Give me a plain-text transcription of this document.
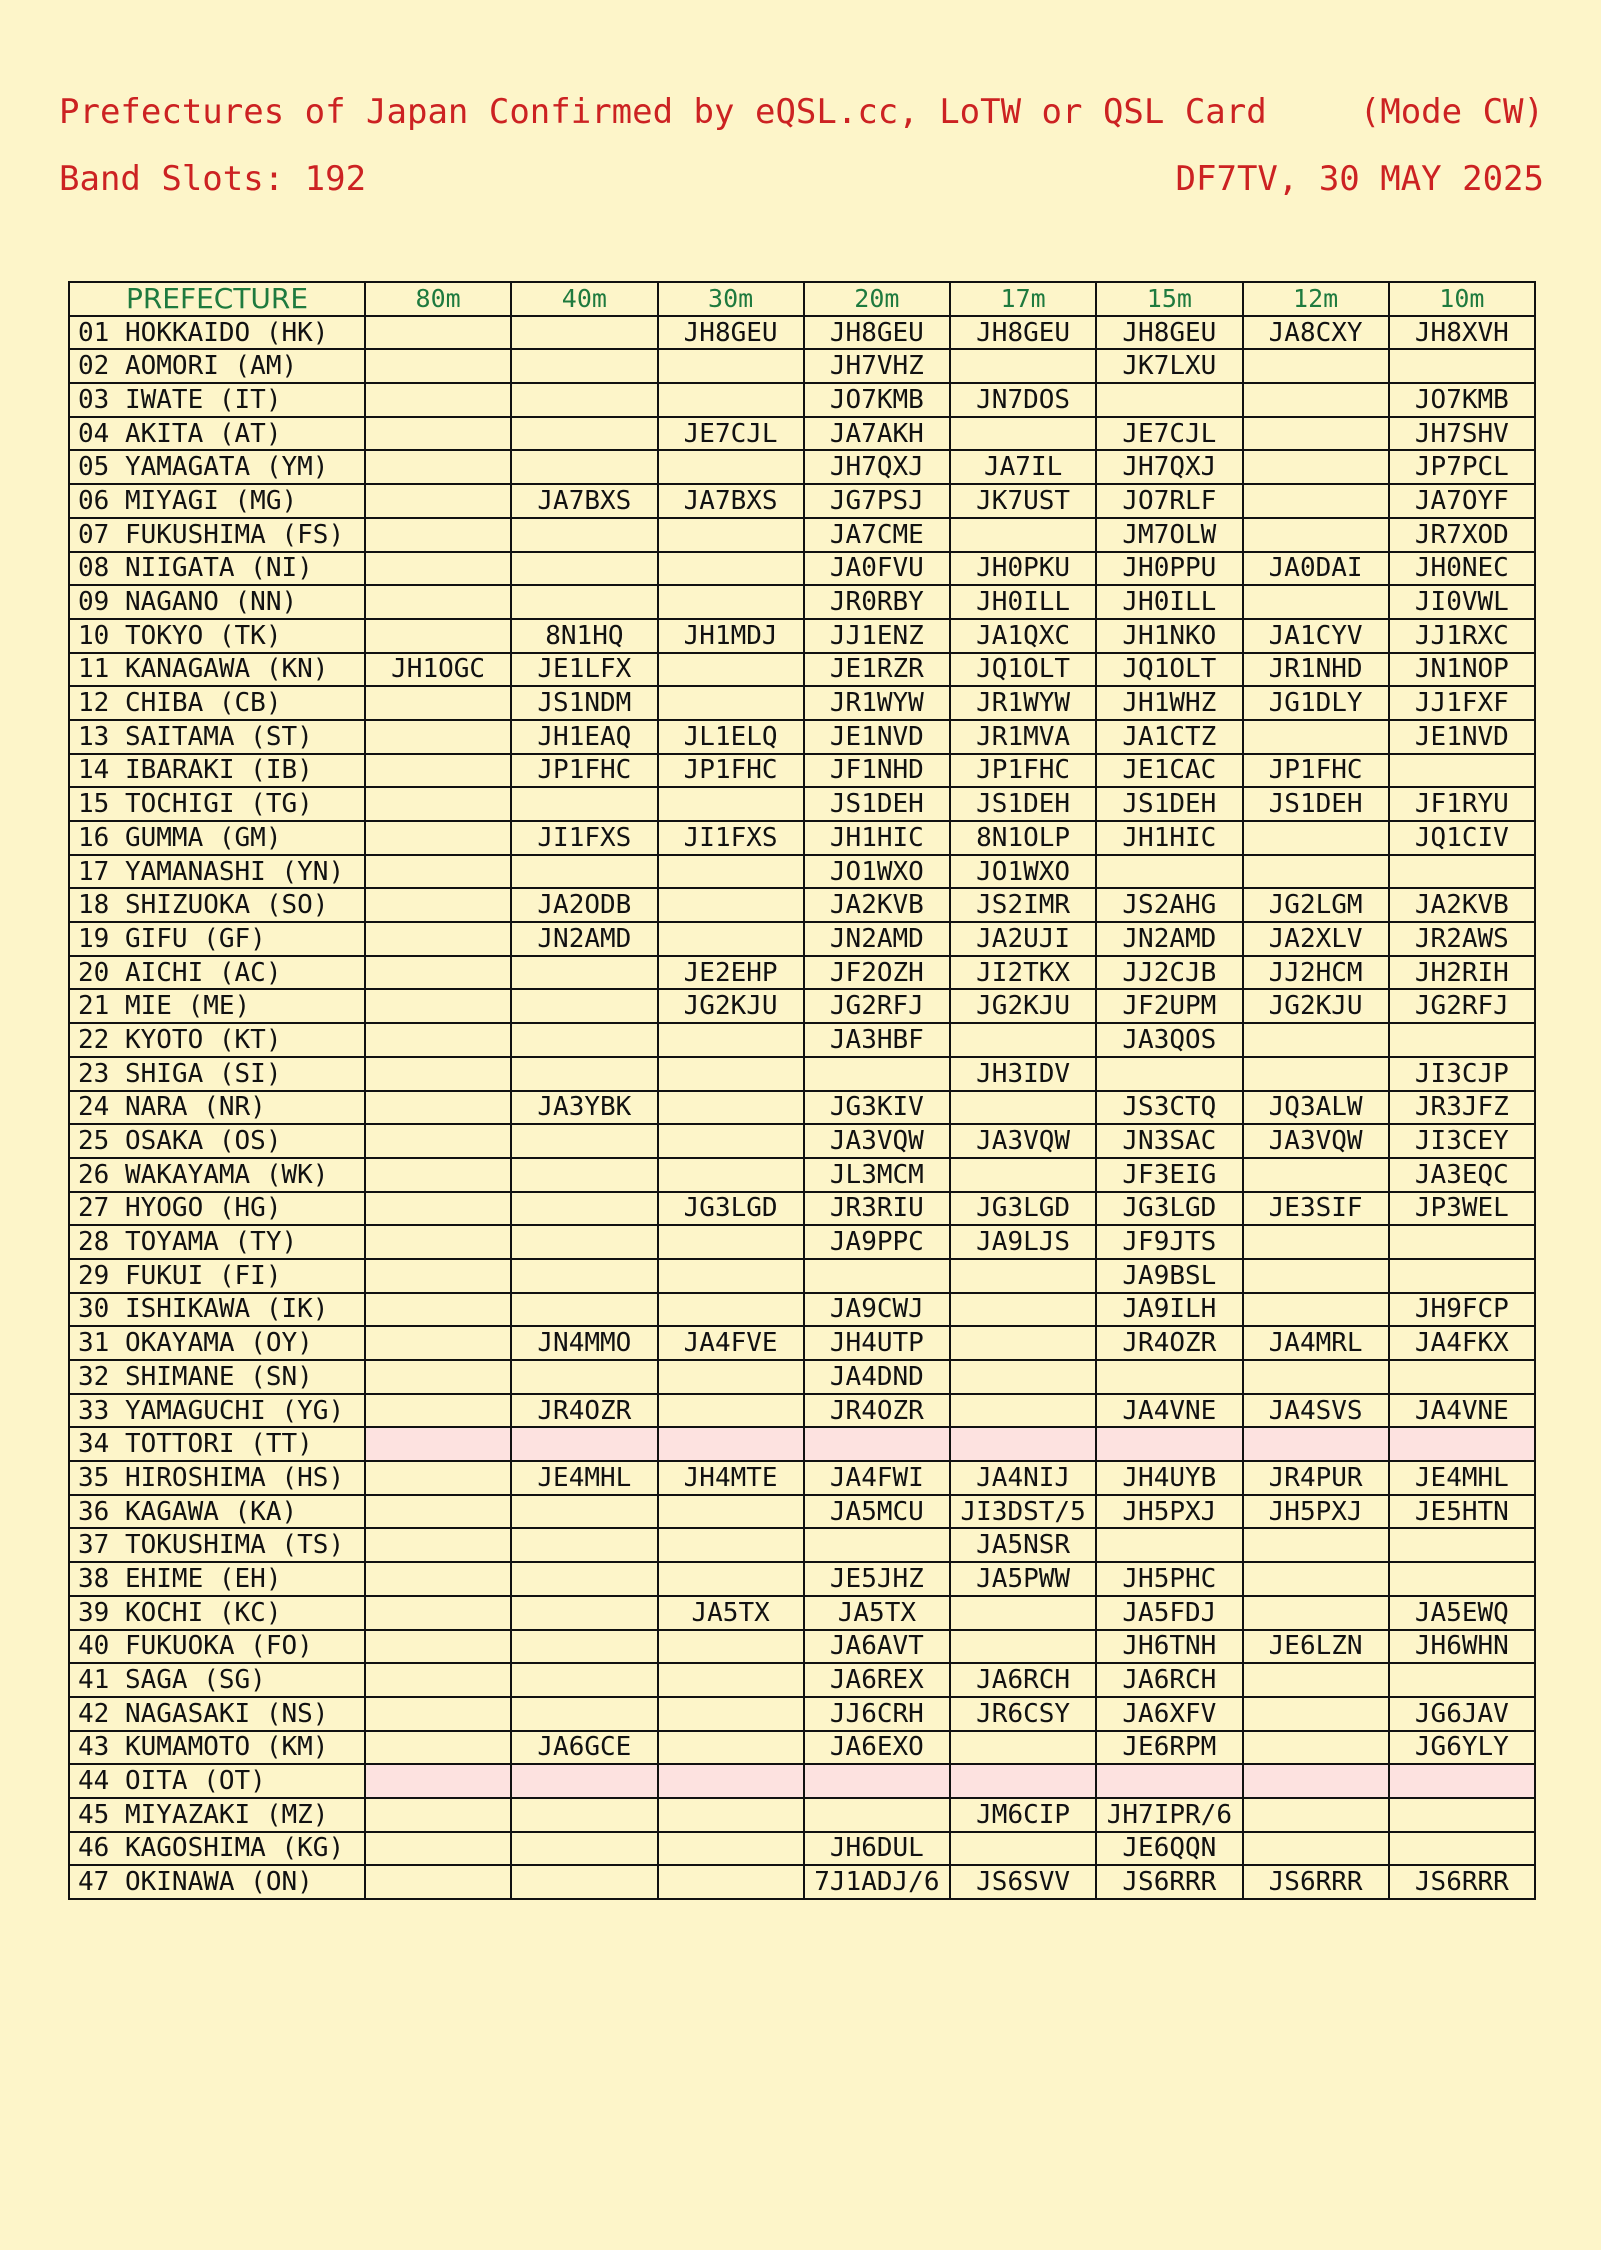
Prefectures of Japan Confirmed by eQSL.cc, LoTW or QSL Card	(Mode CW)
Band Slots: 192	DF7TV, 30 MAY 2025
PREFECTURE	80m	40m	30m	20m	17m	15m	12m	10m
01 HOKKAIDO (HK)			JH8GEU	JH8GEU	JH8GEU	JH8GEU	JA8CXY	JH8XVH
02 AOMORI (AM)				JH7VHZ		JK7LXU		
03 IWATE (IT)				JO7KMB	JN7DOS			JO7KMB
04 AKITA (AT)			JE7CJL	JA7AKH		JE7CJL		JH7SHV
05 YAMAGATA (YM)				JH7QXJ	JA7IL	JH7QXJ		JP7PCL
06 MIYAGI (MG)		JA7BXS	JA7BXS	JG7PSJ	JK7UST	JO7RLF		JA7OYF
07 FUKUSHIMA (FS)				JA7CME		JM7OLW		JR7XOD
08 NIIGATA (NI)				JA0FVU	JH0PKU	JH0PPU	JA0DAI	JH0NEC
09 NAGANO (NN)				JR0RBY	JH0ILL	JH0ILL		JI0VWL
10 TOKYO (TK)		8N1HQ	JH1MDJ	JJ1ENZ	JA1QXC	JH1NKO	JA1CYV	JJ1RXC
11 KANAGAWA (KN)	JH1OGC	JE1LFX		JE1RZR	JQ1OLT	JQ1OLT	JR1NHD	JN1NOP
12 CHIBA (CB)		JS1NDM		JR1WYW	JR1WYW	JH1WHZ	JG1DLY	JJ1FXF
13 SAITAMA (ST)		JH1EAQ	JL1ELQ	JE1NVD	JR1MVA	JA1CTZ		JE1NVD
14 IBARAKI (IB)		JP1FHC	JP1FHC	JF1NHD	JP1FHC	JE1CAC	JP1FHC	
15 TOCHIGI (TG)				JS1DEH	JS1DEH	JS1DEH	JS1DEH	JF1RYU
16 GUMMA (GM)		JI1FXS	JI1FXS	JH1HIC	8N1OLP	JH1HIC		JQ1CIV
17 YAMANASHI (YN)				JO1WXO	JO1WXO			
18 SHIZUOKA (SO)		JA2ODB		JA2KVB	JS2IMR	JS2AHG	JG2LGM	JA2KVB
19 GIFU (GF)		JN2AMD		JN2AMD	JA2UJI	JN2AMD	JA2XLV	JR2AWS
20 AICHI (AC)			JE2EHP	JF2OZH	JI2TKX	JJ2CJB	JJ2HCM	JH2RIH
21 MIE (ME)			JG2KJU	JG2RFJ	JG2KJU	JF2UPM	JG2KJU	JG2RFJ
22 KYOTO (KT)				JA3HBF		JA3QOS		
23 SHIGA (SI)					JH3IDV			JI3CJP
24 NARA (NR)		JA3YBK		JG3KIV		JS3CTQ	JQ3ALW	JR3JFZ
25 OSAKA (OS)				JA3VQW	JA3VQW	JN3SAC	JA3VQW	JI3CEY
26 WAKAYAMA (WK)				JL3MCM		JF3EIG		JA3EQC
27 HYOGO (HG)			JG3LGD	JR3RIU	JG3LGD	JG3LGD	JE3SIF	JP3WEL
28 TOYAMA (TY)				JA9PPC	JA9LJS	JF9JTS		
29 FUKUI (FI)						JA9BSL		
30 ISHIKAWA (IK)				JA9CWJ		JA9ILH		JH9FCP
31 OKAYAMA (OY)		JN4MMO	JA4FVE	JH4UTP		JR4OZR	JA4MRL	JA4FKX
32 SHIMANE (SN)				JA4DND				
33 YAMAGUCHI (YG)		JR4OZR		JR4OZR		JA4VNE	JA4SVS	JA4VNE
34 TOTTORI (TT)								
35 HIROSHIMA (HS)		JE4MHL	JH4MTE	JA4FWI	JA4NIJ	JH4UYB	JR4PUR	JE4MHL
36 KAGAWA (KA)				JA5MCU	JI3DST/5	JH5PXJ	JH5PXJ	JE5HTN
37 TOKUSHIMA (TS)					JA5NSR			
38 EHIME (EH)				JE5JHZ	JA5PWW	JH5PHC		
39 KOCHI (KC)			JA5TX	JA5TX		JA5FDJ		JA5EWQ
40 FUKUOKA (FO)				JA6AVT		JH6TNH	JE6LZN	JH6WHN
41 SAGA (SG)				JA6REX	JA6RCH	JA6RCH		
42 NAGASAKI (NS)				JJ6CRH	JR6CSY	JA6XFV		JG6JAV
43 KUMAMOTO (KM)		JA6GCE		JA6EXO		JE6RPM		JG6YLY
44 OITA (OT)								
45 MIYAZAKI (MZ)					JM6CIP	JH7IPR/6		
46 KAGOSHIMA (KG)				JH6DUL		JE6QQN		
47 OKINAWA (ON)				7J1ADJ/6	JS6SVV	JS6RRR	JS6RRR	JS6RRR
